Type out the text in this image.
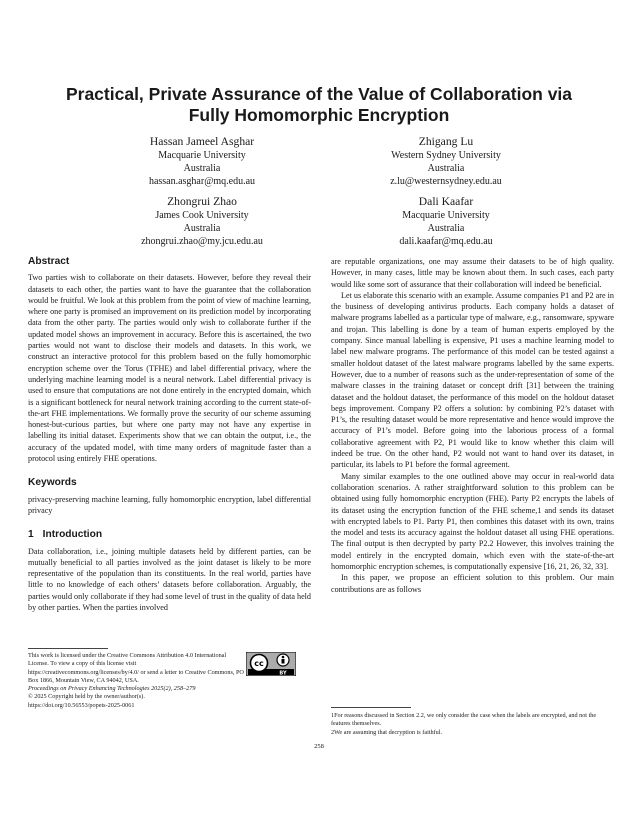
Practical, Private Assurance of the Value of Collaboration via
Fully Homomorphic Encryption
Hassan Jameel Asghar
Macquarie University
Australia
hassan.asghar@mq.edu.au
Zhigang Lu
Western Sydney University
Australia
z.lu@westernsydney.edu.au
Zhongrui Zhao
James Cook University
Australia
zhongrui.zhao@my.jcu.edu.au
Dali Kaafar
Macquarie University
Australia
dali.kaafar@mq.edu.au
Abstract

Two parties wish to collaborate on their datasets. However, before they reveal their datasets to each other, the parties want to have the guarantee that the collaboration would be fruitful. We look at this problem from the point of view of machine learning, where one party is promised an improvement on its prediction model by incorporating data from the other party. The parties would only wish to collaborate further if the updated model shows an improvement in accuracy. Before this is ascertained, the two parties would not want to disclose their models and datasets. In this work, we construct an interactive protocol for this problem based on the fully homomorphic encryption scheme over the Torus (TFHE) and label differential privacy, where the underlying machine learning model is a neural network. Label differential privacy is used to ensure that computations are not done entirely in the encrypted domain, which is a significant bottleneck for neural network training according to the current state-of-the-art FHE implementations. We formally prove the security of our scheme assuming honest-but-curious parties, but where one party may not have any expertise in labelling its initial dataset. Experiments show that we can obtain the output, i.e., the accuracy of the updated model, with time many orders of magnitude faster than a protocol using entirely FHE operations.

Keywords

privacy-preserving machine learning, fully homomorphic encryption, label differential privacy

1 Introduction

Data collaboration, i.e., joining multiple datasets held by different parties, can be mutually beneficial to all parties involved as the joint dataset is likely to be more representative of the population than its constituents. In the real world, parties have little to no knowledge of each others’ datasets before collaboration. Arguably, the parties would only collaborate if they had some level of trust in the quality of data held by other parties. When the parties involved

This work is licensed under the Creative Commons Attribution 4.0 International License. To view a copy of this license visit https://creativecommons.org/licenses/by/4.0/ or send a letter to Creative Commons, PO Box 1866, Mountain View, CA 94042, USA.
cc
BY
Proceedings on Privacy Enhancing Technologies 2025(2), 258–279
© 2025 Copyright held by the owner/author(s).
https://doi.org/10.56553/popets-2025-0061

are reputable organizations, one may assume their datasets to be of high quality. However, in many cases, little may be known about them. In such cases, each party would like some sort of assurance that their collaboration will indeed be beneficial.

Let us elaborate this scenario with an example. Assume companies P1 and P2 are in the business of developing antivirus products. Each company holds a dataset of malware programs labelled as a particular type of malware, e.g., ransomware, spyware and trojan. This labelling is done by a team of human experts employed by the company. Since manual labelling is expensive, P1 uses a machine learning model to label new malware programs. The performance of this model can be tested against a smaller holdout dataset of the latest malware programs labelled by the same experts. However, due to a number of reasons such as the under-representation of some of the malware classes in the training dataset or concept drift [31] between the training dataset and the holdout dataset, the performance of this model on the holdout dataset begs improvement. Company P2 offers a solution: by combining P2’s dataset with P1’s, the resulting dataset would be more representative and hence would improve the accuracy of P1’s model. Before going into the laborious process of a formal collaborative agreement with P2, P1 would like to know whether this claim will indeed be true. On the other hand, P2 would not want to hand over its dataset, in particular, its labels to P1 before the formal agreement.

Many similar examples to the one outlined above may occur in real-world data collaboration scenarios. A rather straightforward solution to this problem can be obtained using fully homomorphic encryption (FHE). Party P2 encrypts the labels of its dataset using the encryption function of the FHE scheme,1 and sends its dataset with encrypted labels to P1. Party P1, then combines this dataset with its own, trains the model and tests its accuracy against the holdout dataset all using FHE operations. The final output is then decrypted by party P2.2 However, this involves training the model entirely in the encrypted domain, which even with the state-of-the-art homomorphic encryption schemes, is computationally expensive [16, 21, 26, 32, 33].

In this paper, we propose an efficient solution to this problem. Our main contributions are as follows

1For reasons discussed in Section 2.2, we only consider the case when the labels are encrypted, and not the features themselves.
2We are assuming that decryption is faithful.
258
